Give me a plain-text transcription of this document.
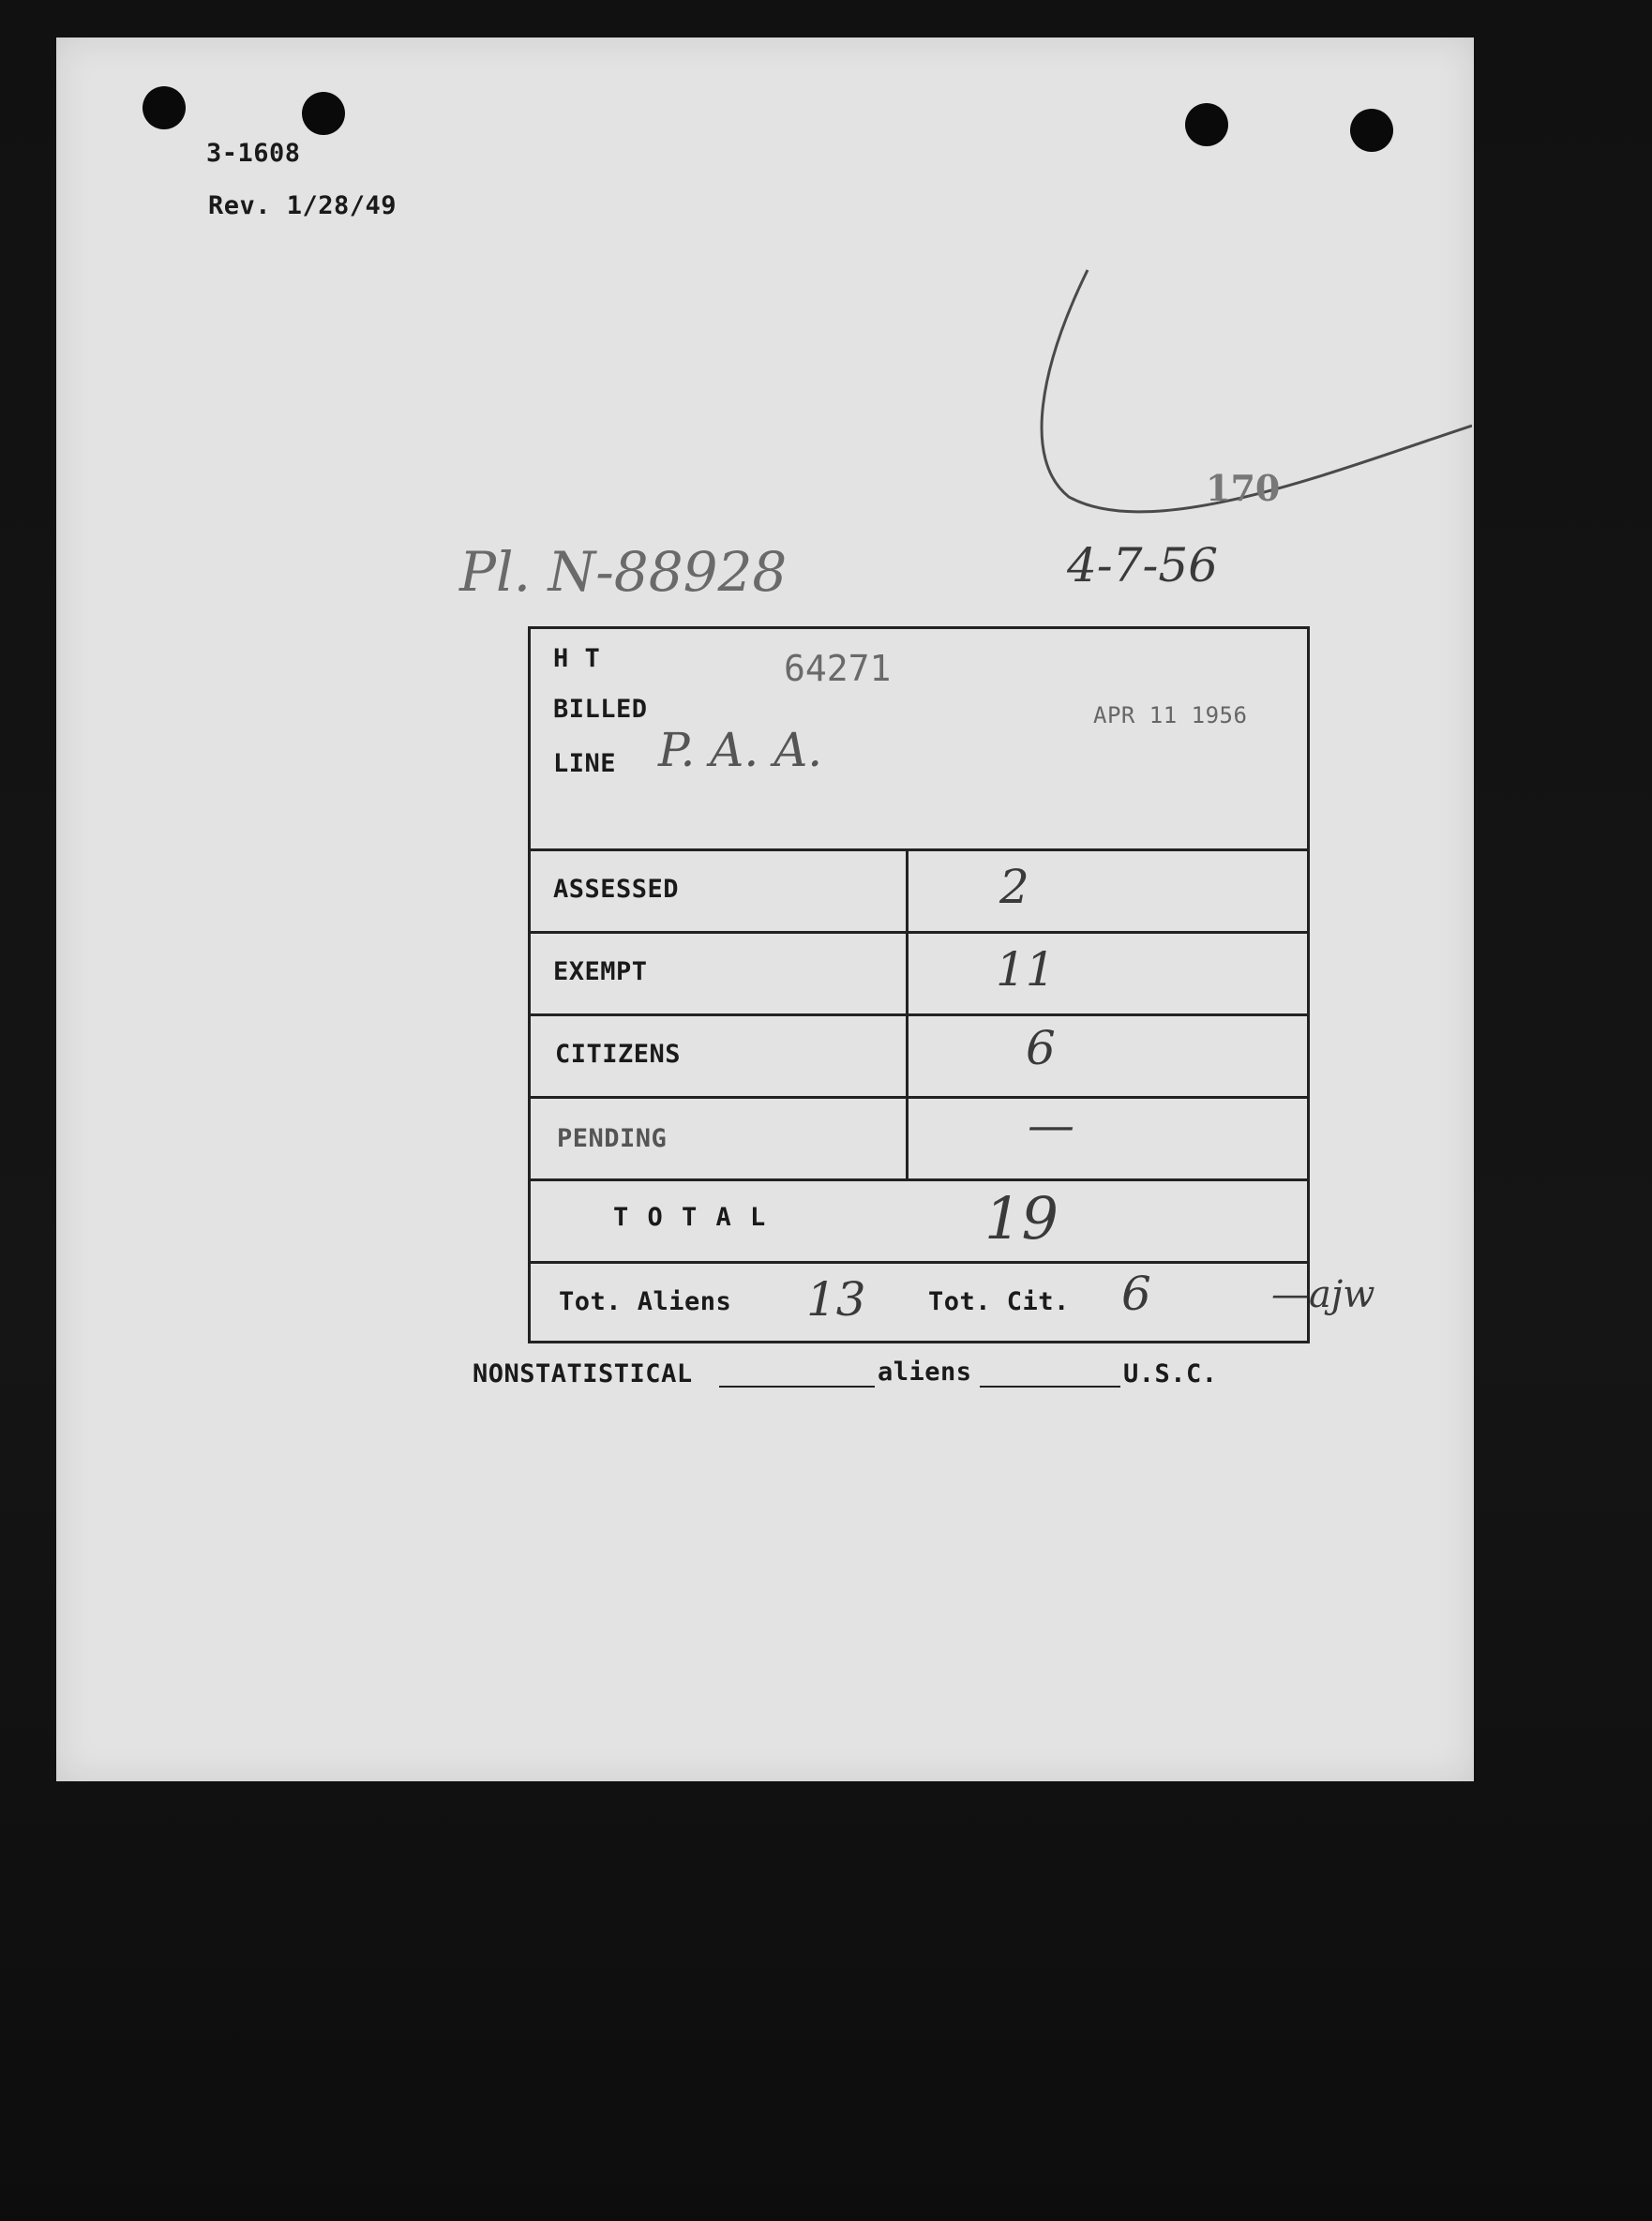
3-1608
Rev. 1/28/49
170
Pl. N-88928	4-7-56
H T	64271
BILLED	APR 11 1956
LINE P. A. A.
ASSESSED	2
EXEMPT	11
CITIZENS	6
PENDING	—
T O T A L	19
Tot. Aliens 13 Tot. Cit. 6	—ajw
NONSTATISTICAL	aliens	U.S.C.
